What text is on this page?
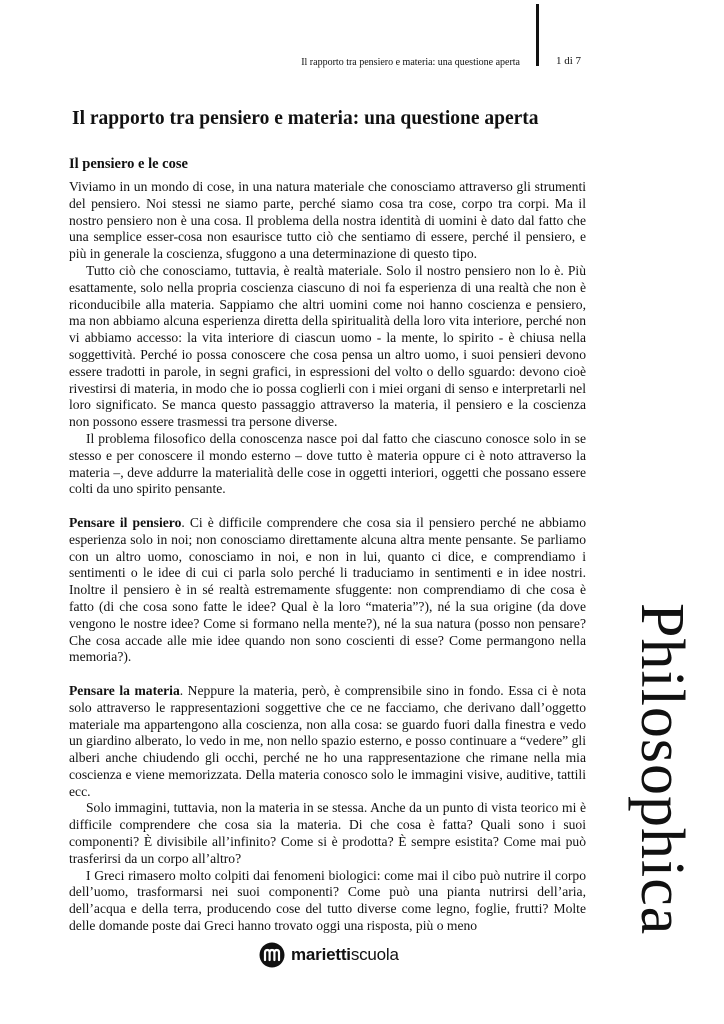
Il rapporto tra pensiero e materia: una questione aperta	1 di 7
Il rapporto tra pensiero e materia: una questione aperta
Il pensiero e le cose

Viviamo in un mondo di cose, in una natura materiale che conosciamo attraverso gli strumenti del pensiero. Noi stessi ne siamo parte, perché siamo cosa tra cose, corpo tra corpi. Ma il nostro pensiero non è una cosa. Il problema della nostra identità di uomini è dato dal fatto che una semplice esser-cosa non esaurisce tutto ciò che sentiamo di essere, perché il pensiero, e più in generale la coscienza, sfuggono a una determinazione di questo tipo.

Tutto ciò che conosciamo, tuttavia, è realtà materiale. Solo il nostro pensiero non lo è. Più esattamente, solo nella propria coscienza ciascuno di noi fa esperienza di una realtà che non è riconducibile alla materia. Sappiamo che altri uomini come noi hanno coscienza e pensiero, ma non abbiamo alcuna esperienza diretta della spiritualità della loro vita interiore, perché non vi abbiamo accesso: la vita interiore di ciascun uomo - la mente, lo spirito - è chiusa nella soggettività. Perché io possa conoscere che cosa pensa un altro uomo, i suoi pensieri devono essere tradotti in parole, in segni grafici, in espressioni del volto o dello sguardo: devono cioè rivestirsi di materia, in modo che io possa coglierli con i miei organi di senso e interpretarli nel loro significato. Se manca questo passaggio attraverso la materia, il pensiero e la coscienza non possono essere trasmessi tra persone diverse.

Il problema filosofico della conoscenza nasce poi dal fatto che ciascuno conosce solo in se stesso e per conoscere il mondo esterno – dove tutto è materia oppure ci è noto attraverso la materia –, deve addurre la materialità delle cose in oggetti interiori, oggetti che possano essere colti da uno spirito pensante.

Pensare il pensiero. Ci è difficile comprendere che cosa sia il pensiero perché ne abbiamo esperienza solo in noi; non conosciamo direttamente alcuna altra mente pensante. Se parliamo con un altro uomo, conosciamo in noi, e non in lui, quanto ci dice, e comprendiamo i sentimenti o le idee di cui ci parla solo perché li traduciamo in sentimenti e in idee nostri. Inoltre il pensiero è in sé realtà estremamente sfuggente: non comprendiamo di che cosa è fatto (di che cosa sono fatte le idee? Qual è la loro “materia”?), né la sua origine (da dove vengono le nostre idee? Come si formano nella mente?), né la sua natura (posso non pensare? Che cosa accade alle mie idee quando non sono coscienti di esse? Come permangono nella memoria?).

Pensare la materia. Neppure la materia, però, è comprensibile sino in fondo. Essa ci è nota solo attraverso le rappresentazioni soggettive che ce ne facciamo, che derivano dall’oggetto materiale ma appartengono alla coscienza, non alla cosa: se guardo fuori dalla finestra e vedo un giardino alberato, lo vedo in me, non nello spazio esterno, e posso continuare a “vedere” gli alberi anche chiudendo gli occhi, perché ne ho una rappresentazione che rimane nella mia coscienza e viene memorizzata. Della materia conosco solo le immagini visive, auditive, tattili ecc.

Solo immagini, tuttavia, non la materia in se stessa. Anche da un punto di vista teorico mi è difficile comprendere che cosa sia la materia. Di che cosa è fatta? Quali sono i suoi componenti? È divisibile all’infinito? Come si è prodotta? È sempre esistita? Come mai può trasferirsi da un corpo all’altro?

I Greci rimasero molto colpiti dai fenomeni biologici: come mai il cibo può nutrire il corpo dell’uomo, trasformarsi nei suoi componenti? Come può una pianta nutrirsi dell’aria, dell’acqua e della terra, producendo cose del tutto diverse come legno, foglie, frutti? Molte delle domande poste dai Greci hanno trovato oggi una risposta, più o meno	Philosophica
mariettiscuola
